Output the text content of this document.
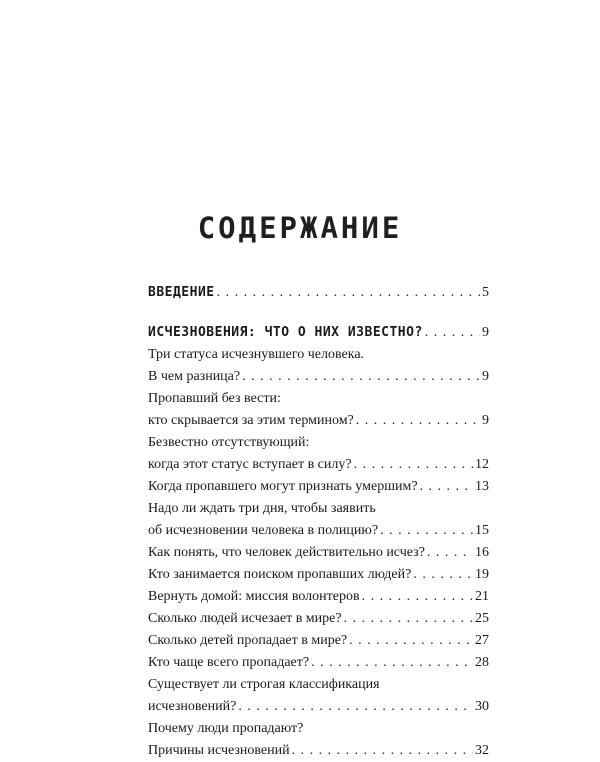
СОДЕРЖАНИЕ
ВВЕДЕНИЕ . . .	5
ИСЧЕЗНОВЕНИЯ: ЧТО О НИХ ИЗВЕСТНО? . . .	9
Три статуса исчезнувшего человека.
В чем разница? . . .	9
Пропавший без вести:
кто скрывается за этим термином? . . .	9
Безвестно отсутствующий:
когда этот статус вступает в силу? . . .	12
Когда пропавшего могут признать умершим? . . .	13
Надо ли ждать три дня, чтобы заявить
об исчезновении человека в полицию? . . .	15
Как понять, что человек действительно исчез? . . .	16
Кто занимается поиском пропавших людей? . . .	19
Вернуть домой: миссия волонтеров . . .	21
Сколько людей исчезает в мире? . . .	25
Сколько детей пропадает в мире? . . .	27
Кто чаще всего пропадает? . . .	28
Существует ли строгая классификация
исчезновений? . . .	30
Почему люди пропадают?
Причины исчезновений . . .	32
